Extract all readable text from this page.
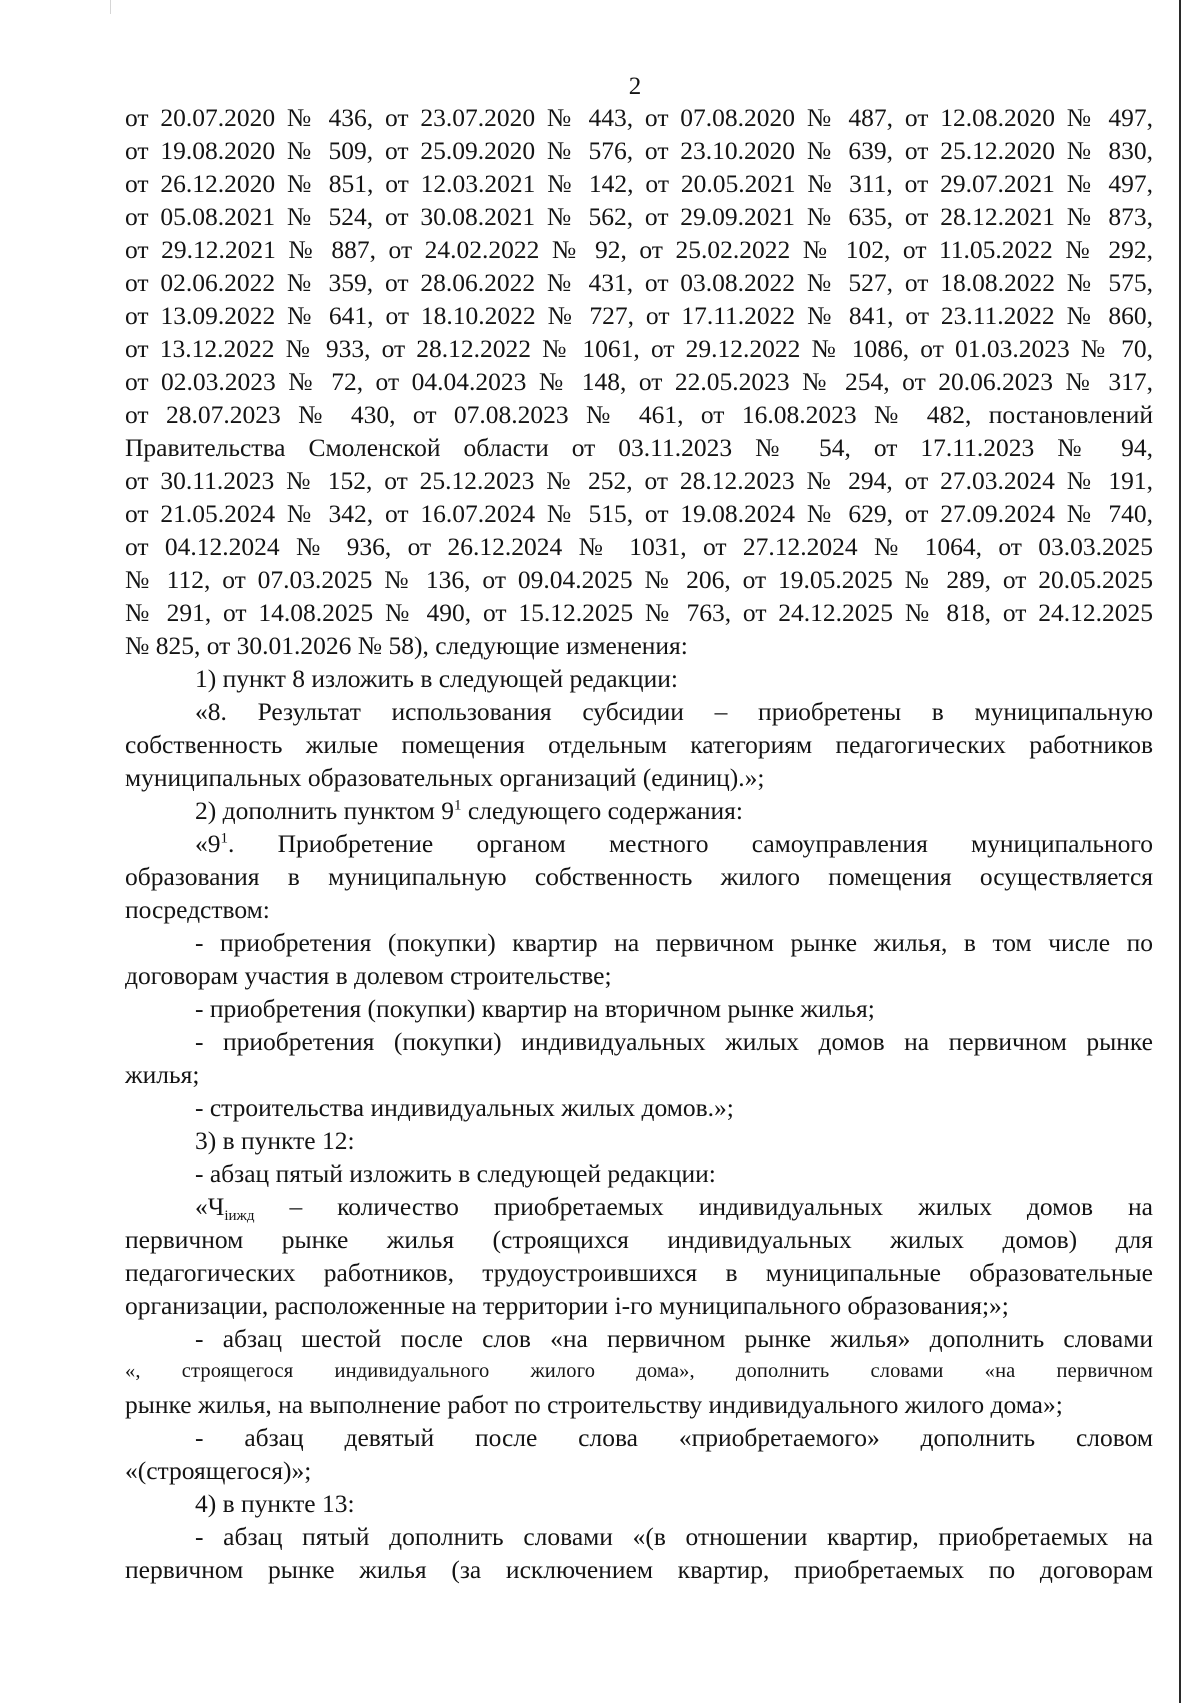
2
от 20.07.2020 № 436, от 23.07.2020 № 443, от 07.08.2020 № 487, от 12.08.2020 № 497,
от 19.08.2020 № 509, от 25.09.2020 № 576, от 23.10.2020 № 639, от 25.12.2020 № 830,
от 26.12.2020 № 851, от 12.03.2021 № 142, от 20.05.2021 № 311, от 29.07.2021 № 497,
от 05.08.2021 № 524, от 30.08.2021 № 562, от 29.09.2021 № 635, от 28.12.2021 № 873,
от 29.12.2021 № 887, от 24.02.2022 № 92, от 25.02.2022 № 102, от 11.05.2022 № 292,
от 02.06.2022 № 359, от 28.06.2022 № 431, от 03.08.2022 № 527, от 18.08.2022 № 575,
от 13.09.2022 № 641, от 18.10.2022 № 727, от 17.11.2022 № 841, от 23.11.2022 № 860,
от 13.12.2022 № 933, от 28.12.2022 № 1061, от 29.12.2022 № 1086, от 01.03.2023 № 70,
от 02.03.2023 № 72, от 04.04.2023 № 148, от 22.05.2023 № 254, от 20.06.2023 № 317,
от 28.07.2023 № 430, от 07.08.2023 № 461, от 16.08.2023 № 482, постановлений
Правительства Смоленской области от 03.11.2023 № 54, от 17.11.2023 № 94,
от 30.11.2023 № 152, от 25.12.2023 № 252, от 28.12.2023 № 294, от 27.03.2024 № 191,
от 21.05.2024 № 342, от 16.07.2024 № 515, от 19.08.2024 № 629, от 27.09.2024 № 740,
от 04.12.2024 № 936, от 26.12.2024 № 1031, от 27.12.2024 № 1064, от 03.03.2025
№ 112, от 07.03.2025 № 136, от 09.04.2025 № 206, от 19.05.2025 № 289, от 20.05.2025
№ 291, от 14.08.2025 № 490, от 15.12.2025 № 763, от 24.12.2025 № 818, от 24.12.2025
№ 825, от 30.01.2026 № 58), следующие изменения:
1) пункт 8 изложить в следующей редакции:
«8. Результат использования субсидии – приобретены в муниципальную
собственность жилые помещения отдельным категориям педагогических работников
муниципальных образовательных организаций (единиц).»;
2) дополнить пунктом $9^1$ следующего содержания:
«$9^1$. Приобретение органом местного самоуправления муниципального
образования в муниципальную собственность жилого помещения осуществляется
посредством:
- приобретения (покупки) квартир на первичном рынке жилья, в том числе по
договорам участия в долевом строительстве;
- приобретения (покупки) квартир на вторичном рынке жилья;
- приобретения (покупки) индивидуальных жилых домов на первичном рынке
жилья;
- строительства индивидуальных жилых домов.»;
3) в пункте 12:
- абзац пятый изложить в следующей редакции:
«$Ч_{iижд}$ – количество приобретаемых индивидуальных жилых домов на
первичном рынке жилья (строящихся индивидуальных жилых домов) для
педагогических работников, трудоустроившихся в муниципальные образовательные
организации, расположенные на территории i-го муниципального образования;»;
- абзац шестой после слов «на первичном рынке жилья» дополнить словами
«, строящегося индивидуального жилого дома», дополнить словами «на первичном
рынке жилья, на выполнение работ по строительству индивидуального жилого дома»;
- абзац девятый после слова «приобретаемого» дополнить словом
«(строящегося)»;
4) в пункте 13:
- абзац пятый дополнить словами «(в отношении квартир, приобретаемых на
первичном рынке жилья (за исключением квартир, приобретаемых по договорам
